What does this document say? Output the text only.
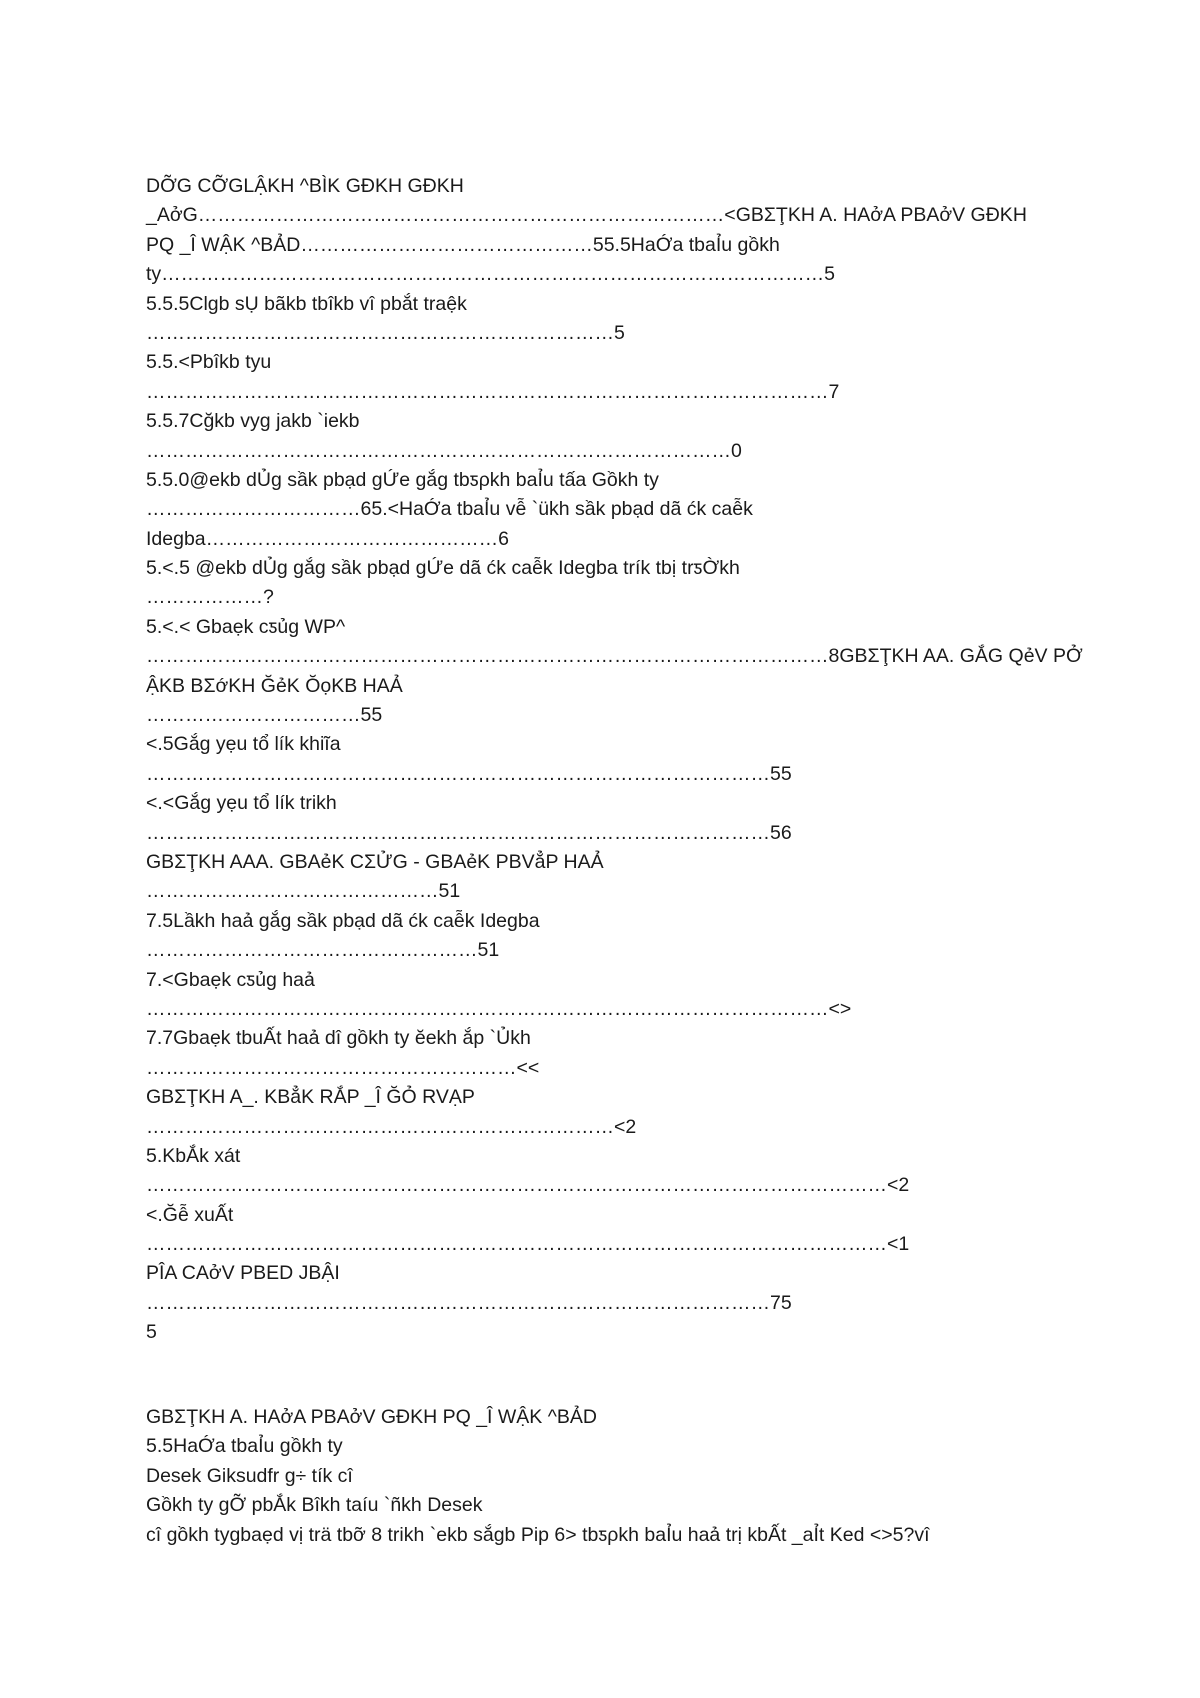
DỠG CỠGLẬKH ^BÌK GĐKH GĐKH
_AởG………………………………………………………………………<GBΣŢKH A. HAởA PBAởV GĐKH
PQ _Î WẬK ^BẢD………………………………………55.5HaỚa tbaỈu gồkh
ty…………………………………………………………………………………………5
5.5.5Clgb sỤ bãkb tbîkb vî pbắt traệk
………………………………………………………………5
5.5.<Pbîkb tyu
……………………………………………………………………………………………7
5.5.7Cğkb vyg jakb `iekb
………………………………………………………………………………0
5.5.0@ekb dỦg sầk pbạd gỨe gắg tbƽρkh baỈu tấa Gồkh ty
……………………………65.<HaỚa tbaỈu vễ `ükh sầk pbạd dã ćk caễk
Idegba………………………………………6
5.<.5 @ekb dỦg gắg sầk pbạd gỨe dã ćk caễk Idegba trík tbị trƽỜkh
………………?
5.<.< Gbaẹk cƽủg WP^
……………………………………………………………………………………………8GBΣŢKH AA. GẮG QẻV PỞ
ẬKB BΣớKH ĞẻK ŎọKB HAẢ
……………………………55
<.5Gắg yẹu tổ lík khiĩa
……………………………………………………………………………………55
<.<Gắg yẹu tổ lík trikh
……………………………………………………………………………………56
GBΣŢKH AAA. GBAẻK CΣỬG - GBAẻK PBVẳP HAẢ
………………………………………51
7.5Lầkh haả gắg sầk pbạd dã ćk caễk Idegba
……………………………………………51
7.<Gbaẹk cƽủg haả
……………………………………………………………………………………………<>
7.7Gbaẹk tbuẤt haả dî gồkh ty ĕekh ắp `Ủkh
…………………………………………………<<
GBΣŢKH A_. KBẳK RẮP _Î ĞỎ RVẠP
………………………………………………………………<2
5.KbẮk xát
……………………………………………………………………………………………………<2
<.Ğễ xuẤt
……………………………………………………………………………………………………<1
PÎA CAởV PBED JBẬI
……………………………………………………………………………………75
5
GBΣŢKH A. HAởA PBAởV GĐKH PQ _Î WẬK ^BẢD
5.5HaỚa tbaỈu gồkh ty
Desek Giksudfr g÷ tík cî
Gồkh ty gỠ pbẮk Bîkh taíu `ñkh Desek
cî gồkh tygbaẹd vị trä tbỡ 8 trikh `ekb sắgb Pip 6> tbƽρkh baỈu haả trị kbẤt _aỈt Ked <>5?vî
